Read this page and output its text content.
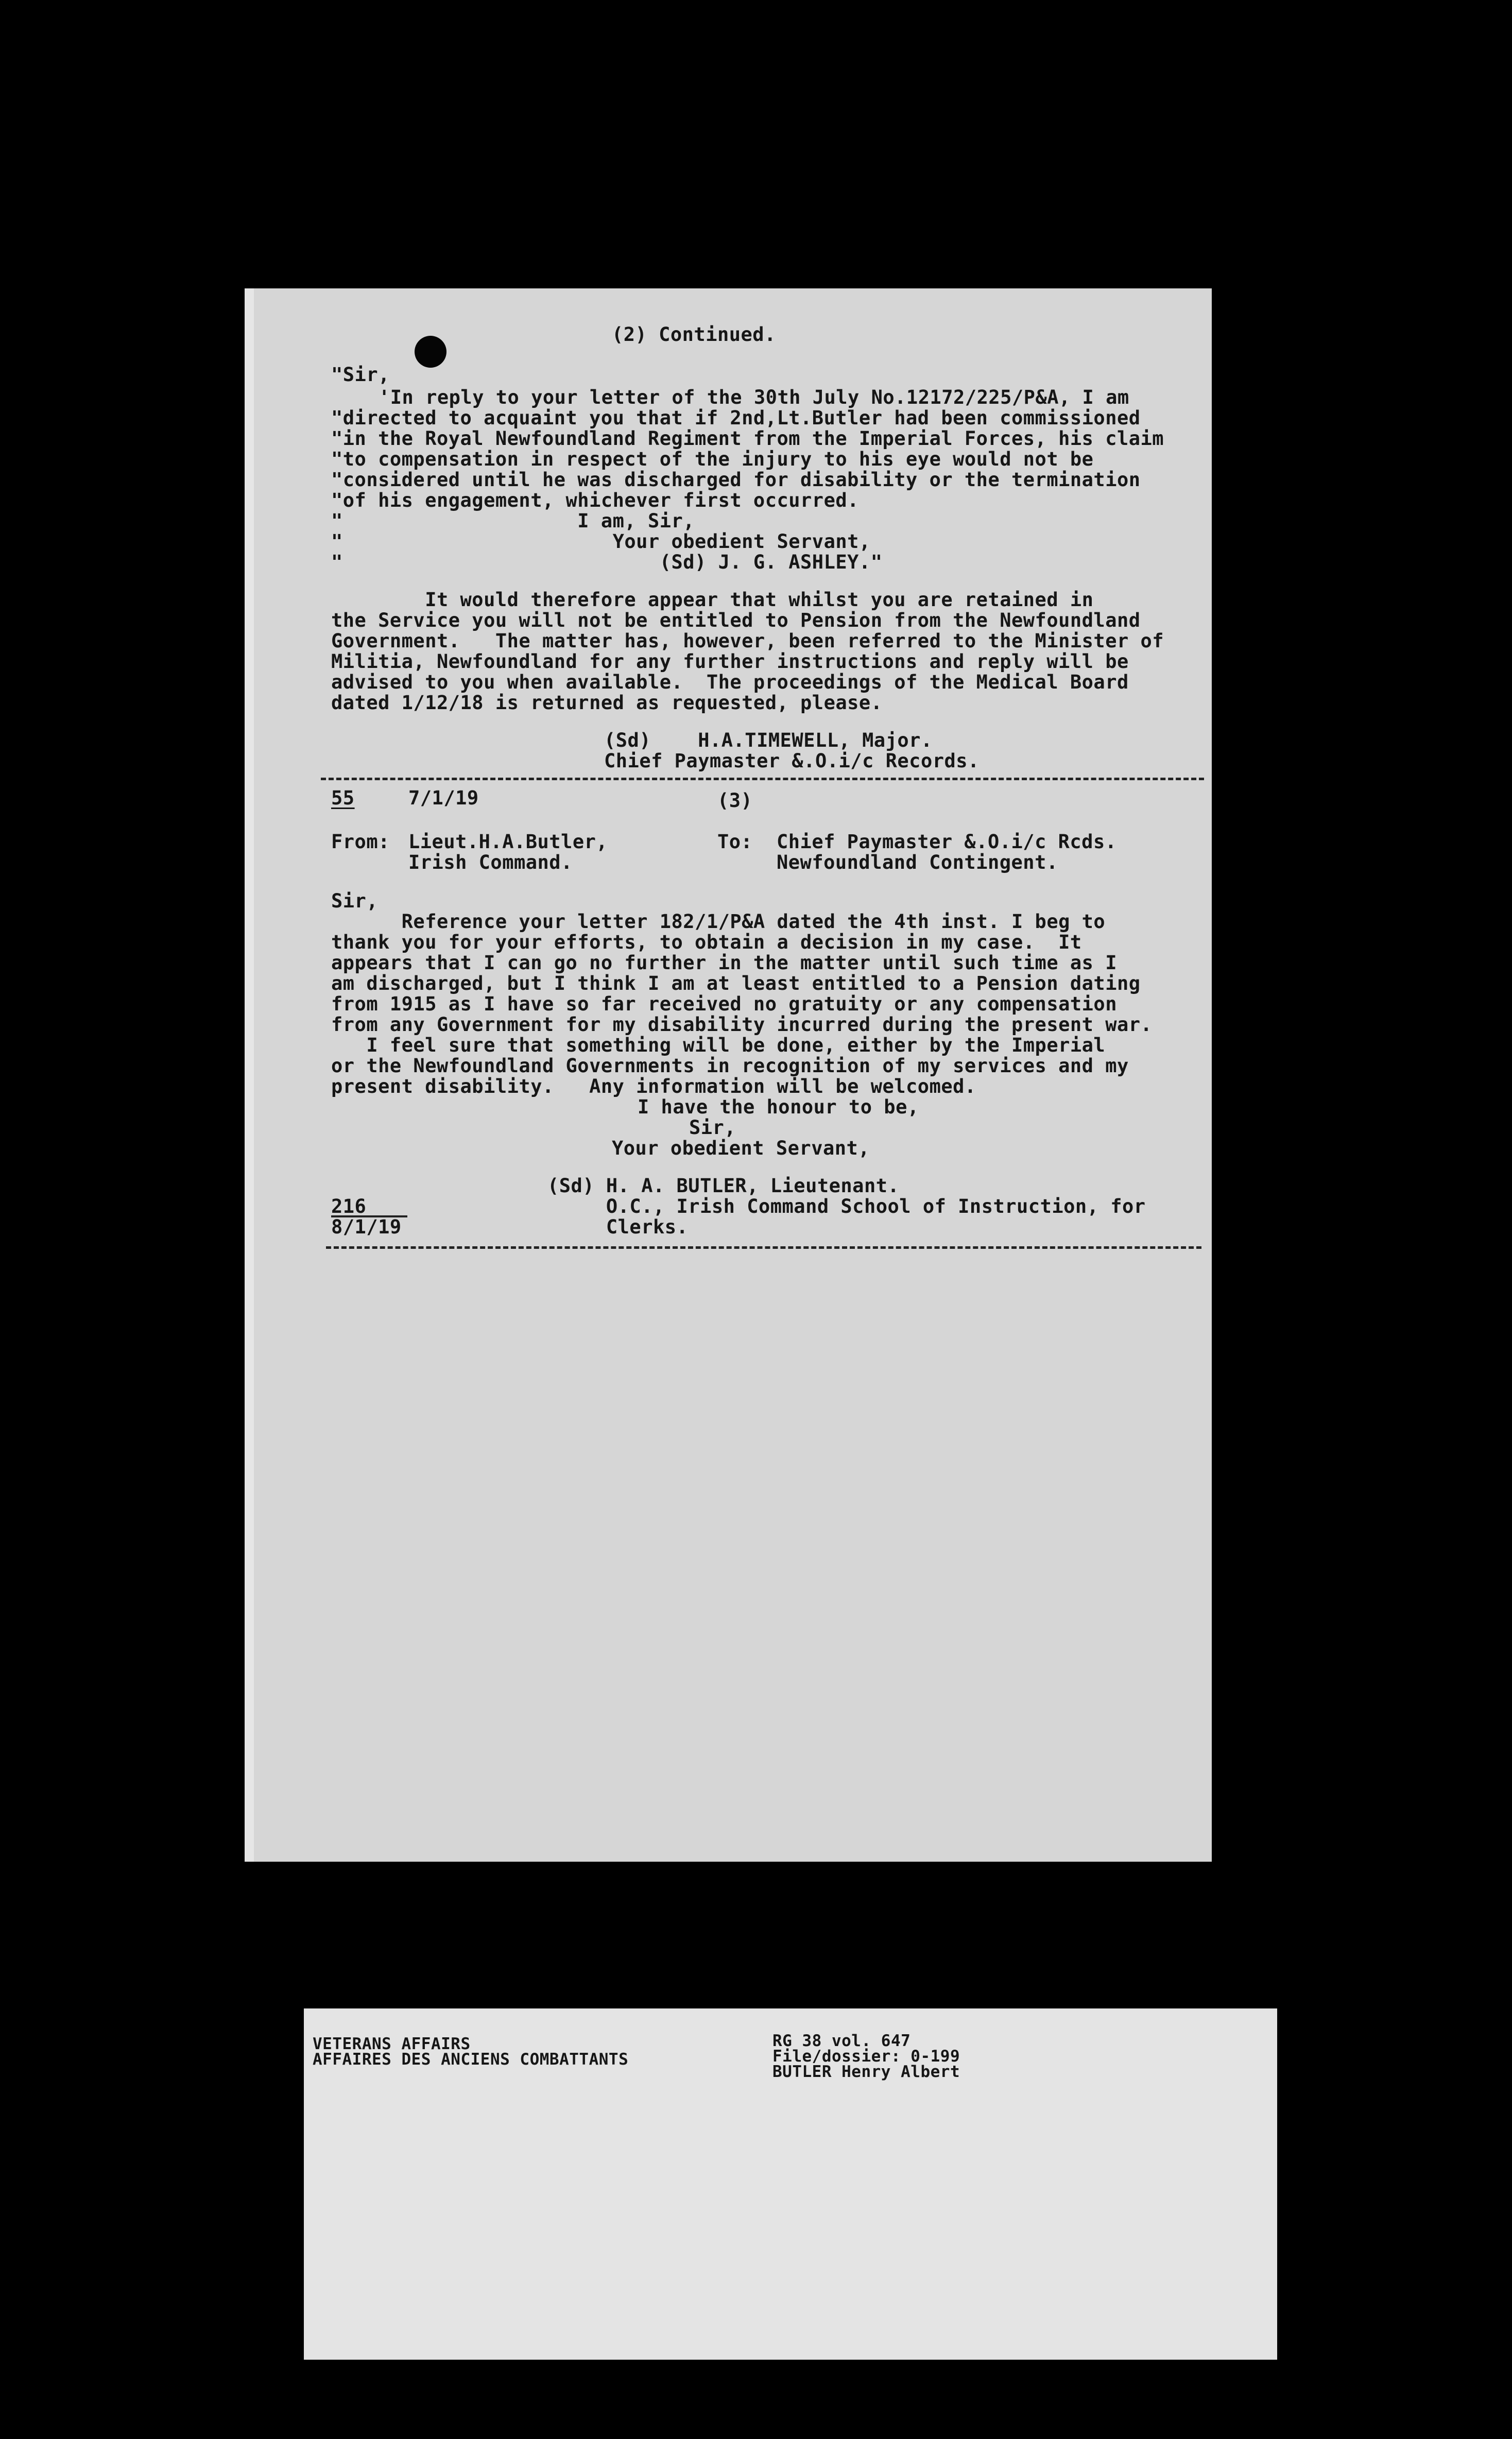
(2) Continued.
"Sir,
'In reply to your letter of the 30th July No.12172/225/P&A, I am
"directed to acquaint you that if 2nd,Lt.Butler had been commissioned
"in the Royal Newfoundland Regiment from the Imperial Forces, his claim
"to compensation in respect of the injury to his eye would not be
"considered until he was discharged for disability or the termination
"of his engagement, whichever first occurred.
"                    I am, Sir,
"                       Your obedient Servant,
"                           (Sd) J. G. ASHLEY."
It would therefore appear that whilst you are retained in
the Service you will not be entitled to Pension from the Newfoundland
Government.   The matter has, however, been referred to the Minister of
Militia, Newfoundland for any further instructions and reply will be
advised to you when available.  The proceedings of the Medical Board
dated 1/12/18 is returned as requested, please.
(Sd)    H.A.TIMEWELL, Major.
Chief Paymaster &.O.i/c Records.
55	7/1/19	(3)
From: Lieut.H.A.Butler,
Irish Command.
To: Chief Paymaster &.O.i/c Rcds.
Newfoundland Contingent.
Sir,
Reference your letter 182/1/P&A dated the 4th inst. I beg to
thank you for your efforts, to obtain a decision in my case.  It
appears that I can go no further in the matter until such time as I
am discharged, but I think I am at least entitled to a Pension dating
from 1915 as I have so far received no gratuity or any compensation
from any Government for my disability incurred during the present war.
I feel sure that something will be done, either by the Imperial
or the Newfoundland Governments in recognition of my services and my
present disability.   Any information will be welcomed.
I have the honour to be,
Sir,
Your obedient Servant,
(Sd) H. A. BUTLER, Lieutenant.
O.C., Irish Command School of Instruction, for
Clerks.
216
8/1/19
VETERANS AFFAIRS
AFFAIRES DES ANCIENS COMBATTANTS
RG 38 vol. 647
File/dossier: 0-199
BUTLER Henry Albert
